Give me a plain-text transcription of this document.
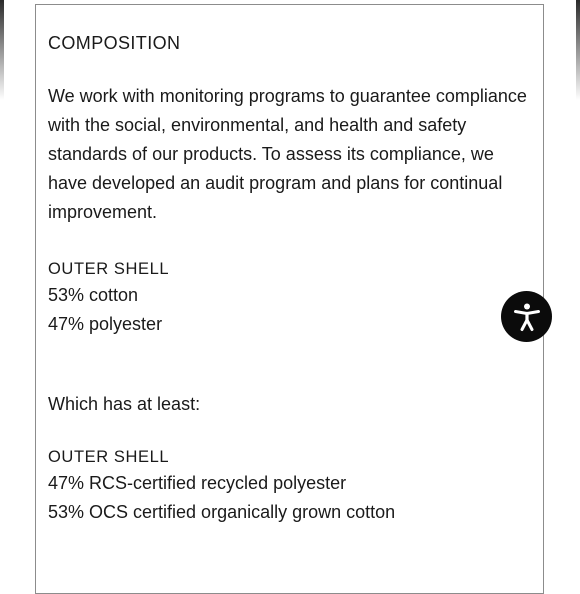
COMPOSITION

We work with monitoring programs to guarantee compliance with the social, environmental, and health and safety standards of our products. To assess its compliance, we have developed an audit program and plans for continual improvement.

OUTER SHELL

53% cotton

47% polyester

Which has at least:

OUTER SHELL

47% RCS-certified recycled polyester

53% OCS certified organically grown cotton
